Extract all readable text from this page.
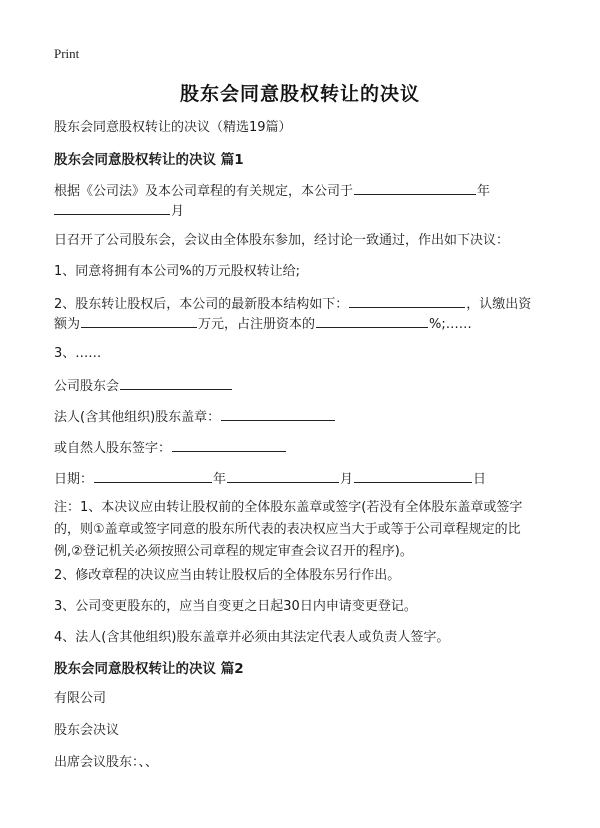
Print
股东会同意股权转让的决议
股东会同意股权转让的决议（精选19篇）
股东会同意股权转让的决议 篇1
根据《公司法》及本公司章程的有关规定，本公司于	年
月
日召开了公司股东会，会议由全体股东参加，经讨论一致通过，作出如下决议：
1、同意将拥有本公司%的万元股权转让给;
2、股东转让股权后，本公司的最新股本结构如下：	，认缴出资
额为	万元，占注册资本的	%;……
3、……
公司股东会
法人(含其他组织)股东盖章：
或自然人股东签字：
日期：	年	月	日
注：1、本决议应由转让股权前的全体股东盖章或签字(若没有全体股东盖章或签字的，则①盖章或签字同意的股东所代表的表决权应当大于或等于公司章程规定的比例,②登记机关必须按照公司章程的规定审查会议召开的程序)。
2、修改章程的决议应当由转让股权后的全体股东另行作出。
3、公司变更股东的，应当自变更之日起30日内申请变更登记。
4、法人(含其他组织)股东盖章并必须由其法定代表人或负责人签字。
股东会同意股权转让的决议 篇2
有限公司
股东会决议
出席会议股东：、、
